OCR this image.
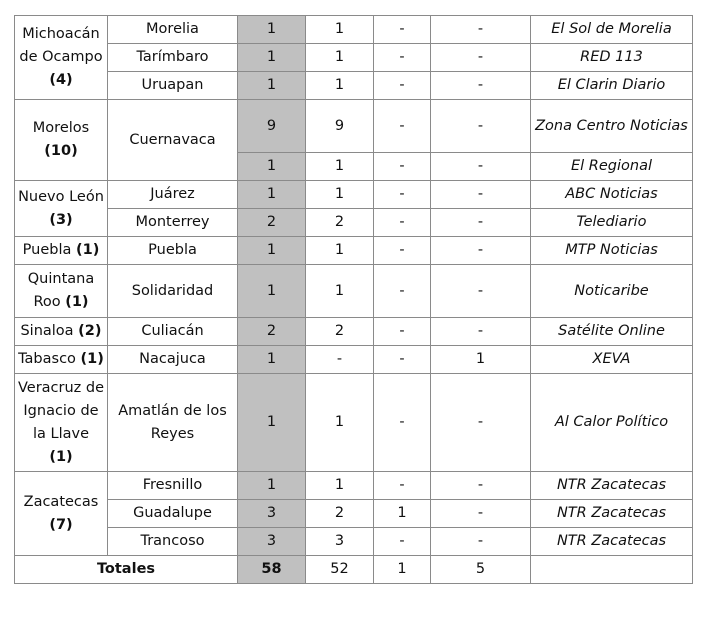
Michoacán de Ocampo
(4)	Morelia	1	1	-	-	El Sol de Morelia
	Tarímbaro	1	1	-	-	RED 113
	Uruapan	1	1	-	-	El Clarin Diario
Morelos
(10)	Cuernavaca	9	9	-	-	Zona Centro Noticias
		1	1	-	-	El Regional
Nuevo León (3)	Juárez	1	1	-	-	ABC Noticias
	Monterrey	2	2	-	-	Telediario
Puebla (1)	Puebla	1	1	-	-	MTP Noticias
Quintana Roo (1)	Solidaridad	1	1	-	-	Noticaribe
Sinaloa (2)	Culiacán	2	2	-	-	Satélite Online
Tabasco (1)	Nacajuca	1	-	-	1	XEVA
Veracruz de Ignacio de la Llave
(1)	Amatlán de los Reyes	1	1	-	-	Al Calor Político
Zacatecas
(7)	Fresnillo	1	1	-	-	NTR Zacatecas
	Guadalupe	3	2	1	-	NTR Zacatecas
	Trancoso	3	3	-	-	NTR Zacatecas
Totales		58	52	1	5	
